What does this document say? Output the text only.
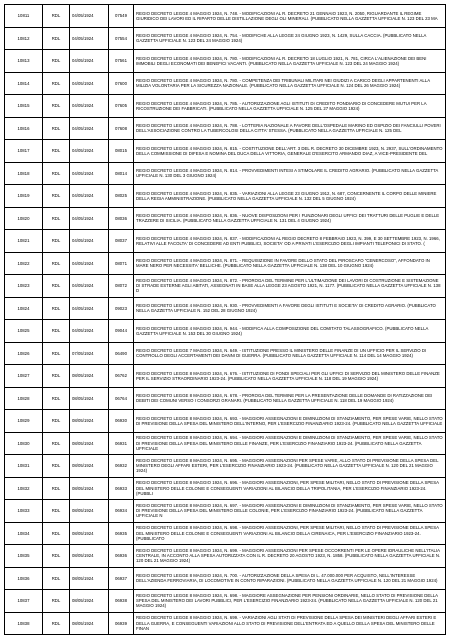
10811	RDL	04/05/1924	07549	REGIO DECRETO LEGGE 4 MAGGIO 1924, N. 748. - MODIFICAZIONI AL R. DECRETO 21 GENNAIO 1923, N. 2050, RIGUARDANTE IL REGIME GIURIDICO DEI LAVORI ED IL RIPARTO DELLE DISTILLAZIONE DEGLI OLI MINERALI. (PUBBLICATO NELLA GAZZETTA UFFICIALE N. 123 DEL 23 MA
10812	RDL	04/05/1924	07554	REGIO DECRETO LEGGE 4 MAGGIO 1924, N. 754. - MODIFICHE ALLA LEGGE 24 GIUGNO 1923, N. 1429, SULLA CACCIA. (PUBBLICATO NELLA GAZZETTA UFFICIALE N. 123 DEL 24 MAGGIO 1924)
10813	RDL	04/05/1924	07561	REGIO DECRETO LEGGE 4 MAGGIO 1924, N. 780. - MODIFICAZIONI AL R. DECRETO 18 LUGLIO 1921, N. 781, CIRCA L'ALIENAZIONE DEI BENI IMMOBILI DEGLI ECONOMATI DEI BENEFICI VACANTI. (PUBBLICATO NELLA GAZZETTA UFFICIALE N. 123 DEL 24 MAGGIO 1924)
10814	RDL	04/05/1924	07600	REGIO DECRETO LEGGE 4 MAGGIO 1924, N. 780. - COMPETENZA DEI TRIBUNALI MILITARI NEI GIUDIZI A CARICO DEGLI APPARTENENTI ALLA MILIZIA VOLONTARIA PER LA SICUREZZA NAZIONALE. (PUBBLICATO NELLA GAZZETTA UFFICIALE N. 124 DEL 26 MAGGIO 1924)
10815	RDL	04/05/1924	07605	REGIO DECRETO LEGGE 4 MAGGIO 1924, N. 785. - AUTORIZZAZIONE AGLI ISTITUTI DI CREDITO FONDIARIO DI CONCEDERE MUTUI PER LA RICOSTRUZIONE DEI FABBRICATI. (PUBBLICATO NELLA GAZZETTA UFFICIALE N. 125 DEL 27 MAGGIO 1924)
10816	RDL	04/05/1924	07608	REGIO DECRETO LEGGE 4 MAGGIO 1924, N. 788. - LOTTERIA NAZIONALE A FAVORE DELL'OSPEDALE MARINO ED OSPIZIO DEI FANCIULLI POVERI DELL'ASSOCIAZIONE CONTRO LA TUBERCOLOSI DELLA CITTA' STESSA. (PUBBLICATO NELLA GAZZETTA UFFICIALE N. 125 DEL
10817	RDL	04/05/1924	08015	REGIO DECRETO LEGGE 4 MAGGIO 1924, N. 815. - COSTITUZIONE DELL'ART. 3 DEL R. DECRETO 30 DICEMBRE 1923, N. 2937, SULL'ORDINAMENTO DELLA COMMISSIONE DI DIFESA E NOMINA DEL DUCA DELLA VITTORIA, GENERALE D'ESERCITO ARMANDO DIAZ, A VICE-PRESIDENTE DEL
10818	RDL	04/05/1924	08014	REGIO DECRETO LEGGE 4 MAGGIO 1924, N. 814. - PROVVEDIMENTI INTESI A STIMOLARE IL CREDITO AGRARIO. (PUBBLICATO NELLA GAZZETTA UFFICIALE N. 130 DEL 3 GIUGNO 1924)
10819	RDL	04/05/1924	08025	REGIO DECRETO LEGGE 4 MAGGIO 1924, N. 835. - VARIAZIONI ALLA LEGGE 23 GIUGNO 1912, N. 687, CONCERNENTE IL CORPO DELLE MINIERE DELLA REGIA AMMINISTRAZIONE. (PUBBLICATO NELLA GAZZETTA UFFICIALE N. 132 DEL 5 GIUGNO 1924)
10820	RDL	04/05/1924	08036	REGIO DECRETO LEGGE 4 MAGGIO 1924, N. 836. - NUOVE DISPOSIZIONI PER I FUNZIONARI DEGLI UFFICI DEI TRATTURI DELLE PUGLIE E DELLE TRAZZERE DI SICILIA. (PUBBLICATO NELLA GAZZETTA UFFICIALE N. 131 DEL 4 GIUGNO 1924)
10821	RDL	04/05/1924	08037	REGIO DECRETO LEGGE 4 MAGGIO 1924, N. 837. - MODIFICAZIONI AL REGIO DECRETO 8 FEBBRAIO 1923, N. 399, E 30 SETTEMBRE 1923, N. 1966, RELATIVI ALLE FACOLTA' DI CONCEDERE AD ENTI PUBBLICI, SOCIETA' OD A PRIVATI L'ESERCIZIO DEGLI IMPIANTI TELEFONICI DI STATO. (
10822	RDL	04/05/1924	08071	REGIO DECRETO LEGGE 4 MAGGIO 1924, N. 871. - REQUISIZIONE IN FAVORE DELLO STATO DEL PIROSCAFO "CENERCOSO", AFFONDATO IN MARE NERO PER NECESSITA' BELLICHE. (PUBBLICATO NELLA GAZZETTA UFFICIALE N. 138 DEL 10 GIUGNO 1924)
10823	RDL	04/05/1924	08072	REGIO DECRETO LEGGE 4 MAGGIO 1924, N. 872. - PROROGA DEL TERMINE PER L'ULTIMAZIONE DEI LAVORI DI COSTRUZIONE E SISTEMAZIONE DI STRADE ESTERNE AGLI ABITATI, ASSEGNATI IN BASE ALLA LEGGE 23 AGOSTO 1921, N. 1177. (PUBBLICATO NELLA GAZZETTA UFFICIALE N. 138 D
10824	RDL	04/05/1924	09023	REGIO DECRETO LEGGE 4 MAGGIO 1924, N. 930. - PROVVEDIMENTI A FAVORE DEGLI ISTITUTI E SOCIETA' DI CREDITO AGRARIO. (PUBBLICATO NELLA GAZZETTA UFFICIALE N. 152 DEL 28 GIUGNO 1924)
10825	RDL	04/05/1924	09044	REGIO DECRETO LEGGE 4 MAGGIO 1924, N. 944. - MODIFICA ALLA COMPOSIZIONE DEL COMITATO TALASSOGRAFICO. (PUBBLICATO NELLA GAZZETTA UFFICIALE N. 153 DEL 30 GIUGNO 1924)
10826	RDL	07/05/1924	06490	REGIO DECRETO LEGGE 7 MAGGIO 1924, N. 649. - ISTITUZIONE PRESSO IL MINISTERO DELLE FINANZE DI UN UFFICIO PER IL SERVIZIO DI CONTROLLO DEGLI ACCERTAMENTI DEI DANNI DI GUERRA. (PUBBLICATO NELLA GAZZETTA UFFICIALE N. 114 DEL 14 MAGGIO 1924)
10827	RDL	08/05/1924	06762	REGIO DECRETO LEGGE 8 MAGGIO 1924, N. 676. - ISTITUZIONE DI FONDI SPECIALI PER GLI UFFICI DI SERVIZIO DEL MINISTERO DELLE FINANZE PER IL SERVIZIO STRAORDINARIO 1923-24. (PUBBLICATO NELLA GAZZETTA UFFICIALE N. 118 DEL 19 MAGGIO 1924)
10828	RDL	08/05/1924	06764	REGIO DECRETO LEGGE 8 MAGGIO 1924, N. 678. - PROROGA DEL TERMINE PER LA PRESENTAZIONE DELLE DOMANDE DI RATIZZAZIONE DEI DEBITI DEI COMUNI VERSO I CONSORZI GRANARI. (PUBBLICATO NELLA GAZZETTA UFFICIALE N. 118 DEL 19 MAGGIO 1924)
10829	RDL	08/05/1924	06930	REGIO DECRETO LEGGE 8 MAGGIO 1924, N. 693. - MAGGIORI ASSEGNAZIONI E DIMINUZIONI DI STANZIAMENTO, PER SPESE VARIE, NELLO STATO DI PREVISIONE DELLA SPESA DEL MINISTERO DELL'INTERNO, PER L'ESERCIZIO FINANZIARIO 1923-24. (PUBBLICATO NELLA GAZZETTA UFFICIALE
10830	RDL	08/05/1924	06931	REGIO DECRETO LEGGE 8 MAGGIO 1924, N. 694. - MAGGIORI ASSEGNAZIONI E DIMINUZIONI DI STANZIAMENTO, PER SPESE VARIE, NELLO STATO DI PREVISIONE DELLA SPESA DEL MINISTERO DELLE FINANZE, PER L'ESERCIZIO FINANZIARIO 1923-24. (PUBBLICATO NELLA GAZZETTA UFFICIALE
10831	RDL	08/05/1924	06932	REGIO DECRETO LEGGE 8 MAGGIO 1924, N. 695. - MAGGIORI ASSEGNAZIONI PER SPESE VARIE, ALLO STATO DI PREVISIONE DELLA SPESA DEL MINISTERO DEGLI AFFARI ESTERI, PER L'ESERCIZIO FINANZIARIO 1923-24. (PUBBLICATO NELLA GAZZETTA UFFICIALE N. 120 DEL 21 MAGGIO 1924)
10832	RDL	08/05/1924	06933	REGIO DECRETO LEGGE 8 MAGGIO 1924, N. 696. - MAGGIORI ASSEGNAZIONI, PER SPESE MILITARI, NELLO STATO DI PREVISIONE DELLA SPESA DEL MINISTERO DELLE COLONIE E CONSEGUENTI VARIAZIONI AL BILANCIO DELLA TRIPOLITANIA, PER L'ESERCIZIO FINANZIARIO 1923-24. (PUBBLI
10833	RDL	08/05/1924	06934	REGIO DECRETO LEGGE 8 MAGGIO 1924, N. 697. - MAGGIORI ASSEGNAZIONI E DIMINUZIONI DI STANZIAMENTO, PER SPESE VARIE, NELLO STATO DI PREVISIONE DELLA SPESA DEL MINISTERO DELLE COLONIE, PER L'ESERCIZIO FINANZIARIO 1923-24. (PUBBLICATO NELLA GAZZETTA UFFICIALE N
10834	RDL	08/05/1924	06935	REGIO DECRETO LEGGE 8 MAGGIO 1924, N. 698. - MAGGIORI ASSEGNAZIONI, PER SPESE MILITARI, NELLO STATO DI PREVISIONE DELLA SPESA DEL MINISTERO DELLE COLONIE E CONSEGUENTI VARIAZIONI AL BILANCIO DELLA CIRENAICA, PER L'ESERCIZIO FINANZIARIO 1923-24. (PUBBLICATO
10835	RDL	08/05/1924	06936	REGIO DECRETO LEGGE 8 MAGGIO 1924, N. 699. - MAGGIORI ASSEGNAZIONI PER SPESE OCCORRENTI PER LE OPERE IDRAULICHE NELL'ITALIA CENTRALE, IN ACCONTO ALLA SPESA AUTORIZZATA CON IL R. DECRETO 20 AGOSTO 1923, N. 1858. (PUBBLICATO NELLA GAZZETTA UFFICIALE N. 120 DEL 21 MAGGIO 1924)
10836	RDL	08/05/1924	06937	REGIO DECRETO LEGGE 8 MAGGIO 1924, N. 700. - AUTORIZZAZIONE DELLA SPESA DI L. 47.000.000 PER ACQUISTO, NELL'INTERESSE DELL'AZIENDA FERROVIARIA, DI LOCOMOTIVE IN CONTO RIPARAZIONI. (PUBBLICATO NELLA GAZZETTA UFFICIALE N. 120 DEL 21 MAGGIO 1924)
10837	RDL	08/05/1924	06938	REGIO DECRETO LEGGE 8 MAGGIO 1924, N. 698. - MAGGIORE ASSEGNAZIONE PER PENSIONI ORDINARIE, NELLO STATO DI PREVISIONE DELLA SPESA DEL MINISTERO DEI LAVORI PUBBLICI, PER L'ESERCIZIO FINANZIARIO 1923-24. (PUBBLICATO NELLA GAZZETTA UFFICIALE N. 120 DEL 21 MAGGIO 1924)
10838	RDL	08/05/1924	06939	REGIO DECRETO LEGGE 8 MAGGIO 1924, N. 699. - VARIAZIONI AGLI STATI DI PREVISIONE DELLA SPESA DEI MINISTERI DEGLI AFFARI ESTERI E DELLA GUERRA, E CONSEGUENTI VARIAZIONI ALLO STATO DI PREVISIONE DELL'ENTRATA ED A QUELLO DELLA SPESA DEL MINISTERO DELLE FINAN
